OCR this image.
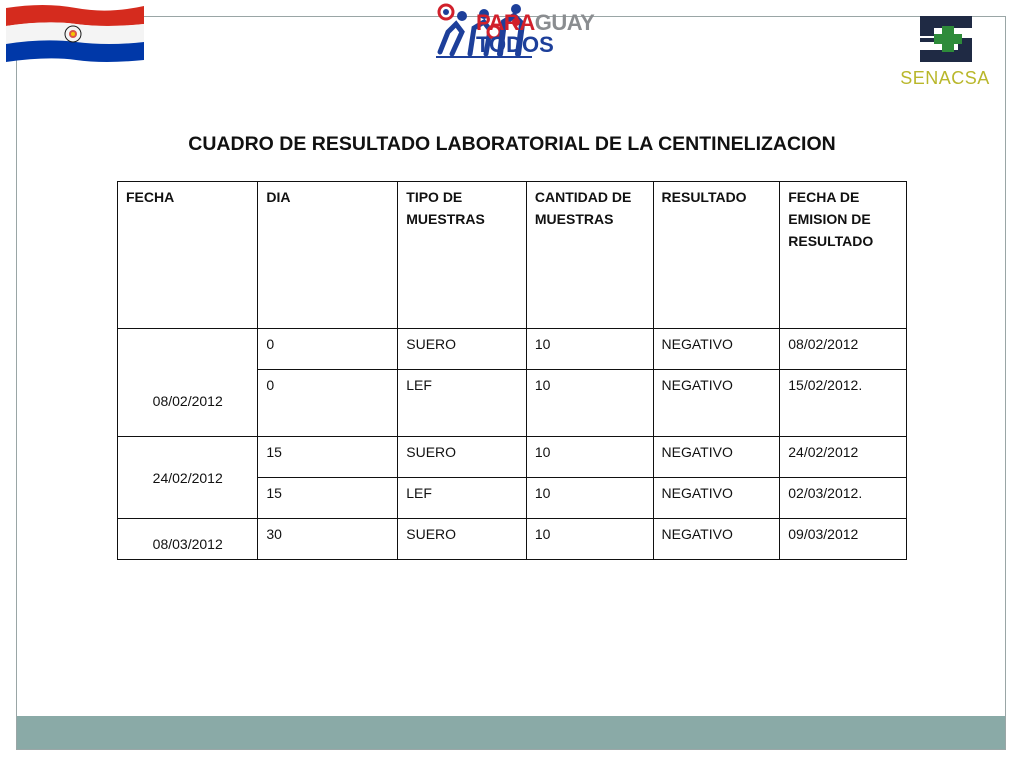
PARAGUAY
TODOS
SENACSA
CUADRO DE RESULTADO LABORATORIAL DE LA CENTINELIZACION
FECHA	DIA	TIPO DE MUESTRAS	CANTIDAD DE MUESTRAS	RESULTADO	FECHA DE EMISION DE RESULTADO
08/02/2012	0	SUERO	10	NEGATIVO	08/02/2012
	0	LEF	10	NEGATIVO	15/02/2012.
24/02/2012	15	SUERO	10	NEGATIVO	24/02/2012
	15	LEF	10	NEGATIVO	02/03/2012.
08/03/2012	30	SUERO	10	NEGATIVO	09/03/2012
